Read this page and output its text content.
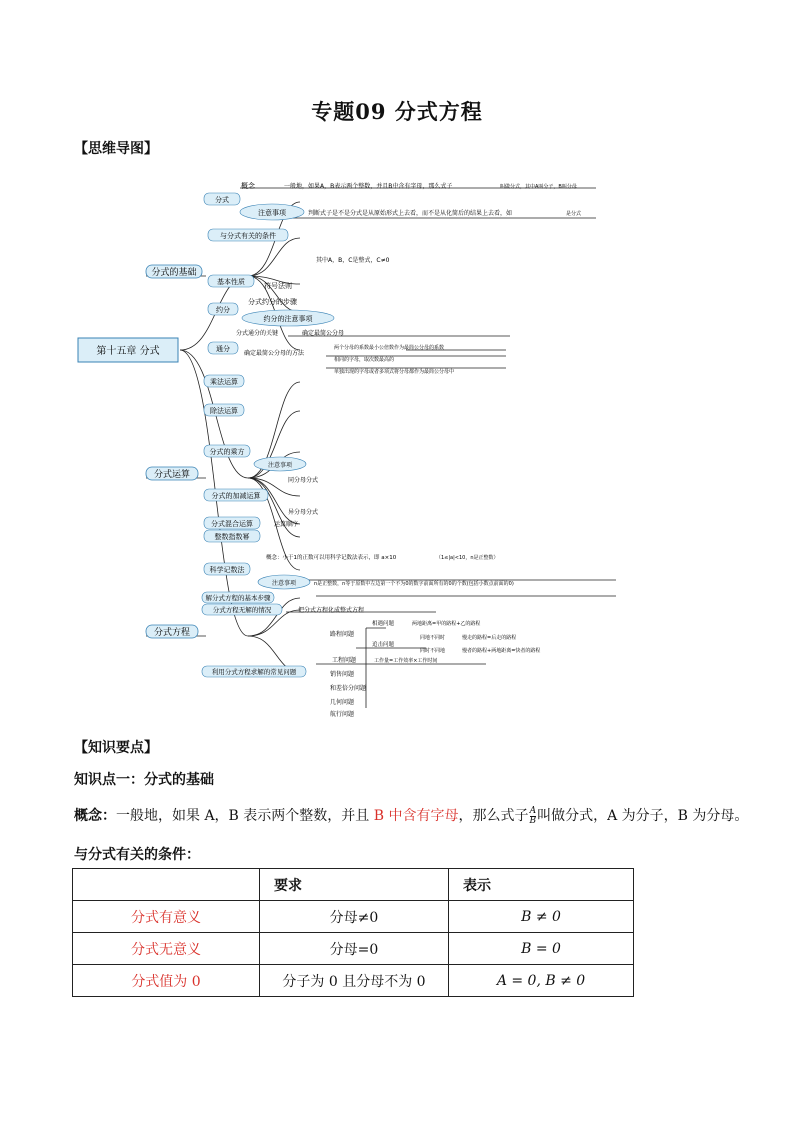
专题09 分式方程
【思维导图】
第十五章 分式
分式的基础
分式运算
分式方程
分式
概念	一般地，如果A，B表示两个整数，并且B中含有字母，那么式子	叫做分式，其中A叫分子，B叫分母
注意事项	判断式子是不是分式是从原始形式上去看，而不是从化简后的结果上去看，如	是分式
与分式有关的条件
基本性质
其中A，B，C是整式，C≠0
符号法则
约分
分式约分的步骤
约分的注意事项
通分
分式通分的关键	确定最简公分母
确定最简公分母的方法
两个分母的系数最小公倍数作为最简公分母的系数
相同的字母，取次数最高的
单独出现的字母或者多项式将分母都作为最简公分母中
乘法运算
除法运算
分式的乘方
注意事项
分式的加减运算
同分母分式
异分母分式
分式混合运算	运算顺序
整数指数幂
科学记数法
概念：小于1的正数可以用科学记数法表示，即 a×10	（1≤|a|<10，n是正整数）
注意事项	n是正整数，n等于原数中左边第一个不为0的数字前面所有的0的个数(包括小数点前面的0)
解分式方程的基本步骤
分式方程无解的情况	把分式方程化成整式方程
利用分式方程求解的常见问题
路程问题
相遇问题	两地距离=甲的路程+乙的路程
追击问题
同地不同时	慢走的路程=后走的路程
同时不同地	慢者的路程+两地距离=快者的路程
工程问题	工作量=工作效率×工作时间
销售问题
和差倍分问题
几何问题
航行问题
【知识要点】
知识点一：分式的基础
概念：一般地，如果 A，B 表示两个整数，并且 B 中含有字母，那么式子 $\frac{A}{B}$ 叫做分式，A 为分子，B 为分母。
与分式有关的条件：
	要求	表示
分式有意义	分母≠0	B ≠ 0
分式无意义	分母=0	B = 0
分式值为 0	分子为 0 且分母不为 0	A = 0, B ≠ 0
